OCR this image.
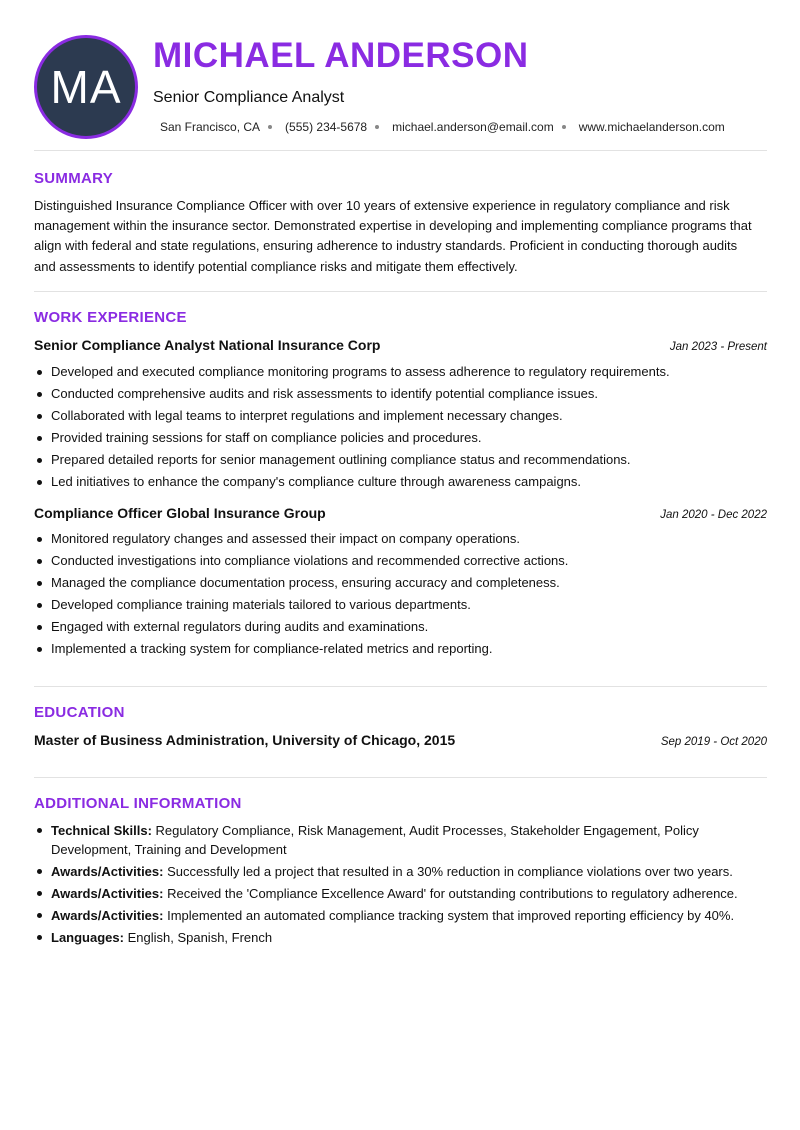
MA
MICHAEL ANDERSON
Senior Compliance Analyst
San Francisco, CA (555) 234-5678 michael.anderson@email.com www.michaelanderson.com
SUMMARY
Distinguished Insurance Compliance Officer with over 10 years of extensive experience in regulatory compliance and risk management within the insurance sector. Demonstrated expertise in developing and implementing compliance programs that align with federal and state regulations, ensuring adherence to industry standards. Proficient in conducting thorough audits and assessments to identify potential compliance risks and mitigate them effectively.
WORK EXPERIENCE
Senior Compliance Analyst National Insurance Corp	Jan 2023 - Present
Developed and executed compliance monitoring programs to assess adherence to regulatory requirements.
Conducted comprehensive audits and risk assessments to identify potential compliance issues.
Collaborated with legal teams to interpret regulations and implement necessary changes.
Provided training sessions for staff on compliance policies and procedures.
Prepared detailed reports for senior management outlining compliance status and recommendations.
Led initiatives to enhance the company's compliance culture through awareness campaigns.
Compliance Officer Global Insurance Group	Jan 2020 - Dec 2022
Monitored regulatory changes and assessed their impact on company operations.
Conducted investigations into compliance violations and recommended corrective actions.
Managed the compliance documentation process, ensuring accuracy and completeness.
Developed compliance training materials tailored to various departments.
Engaged with external regulators during audits and examinations.
Implemented a tracking system for compliance-related metrics and reporting.
EDUCATION
Master of Business Administration, University of Chicago, 2015	Sep 2019 - Oct 2020
ADDITIONAL INFORMATION
Technical Skills: Regulatory Compliance, Risk Management, Audit Processes, Stakeholder Engagement, Policy Development, Training and Development
Awards/Activities: Successfully led a project that resulted in a 30% reduction in compliance violations over two years.
Awards/Activities: Received the 'Compliance Excellence Award' for outstanding contributions to regulatory adherence.
Awards/Activities: Implemented an automated compliance tracking system that improved reporting efficiency by 40%.
Languages: English, Spanish, French
